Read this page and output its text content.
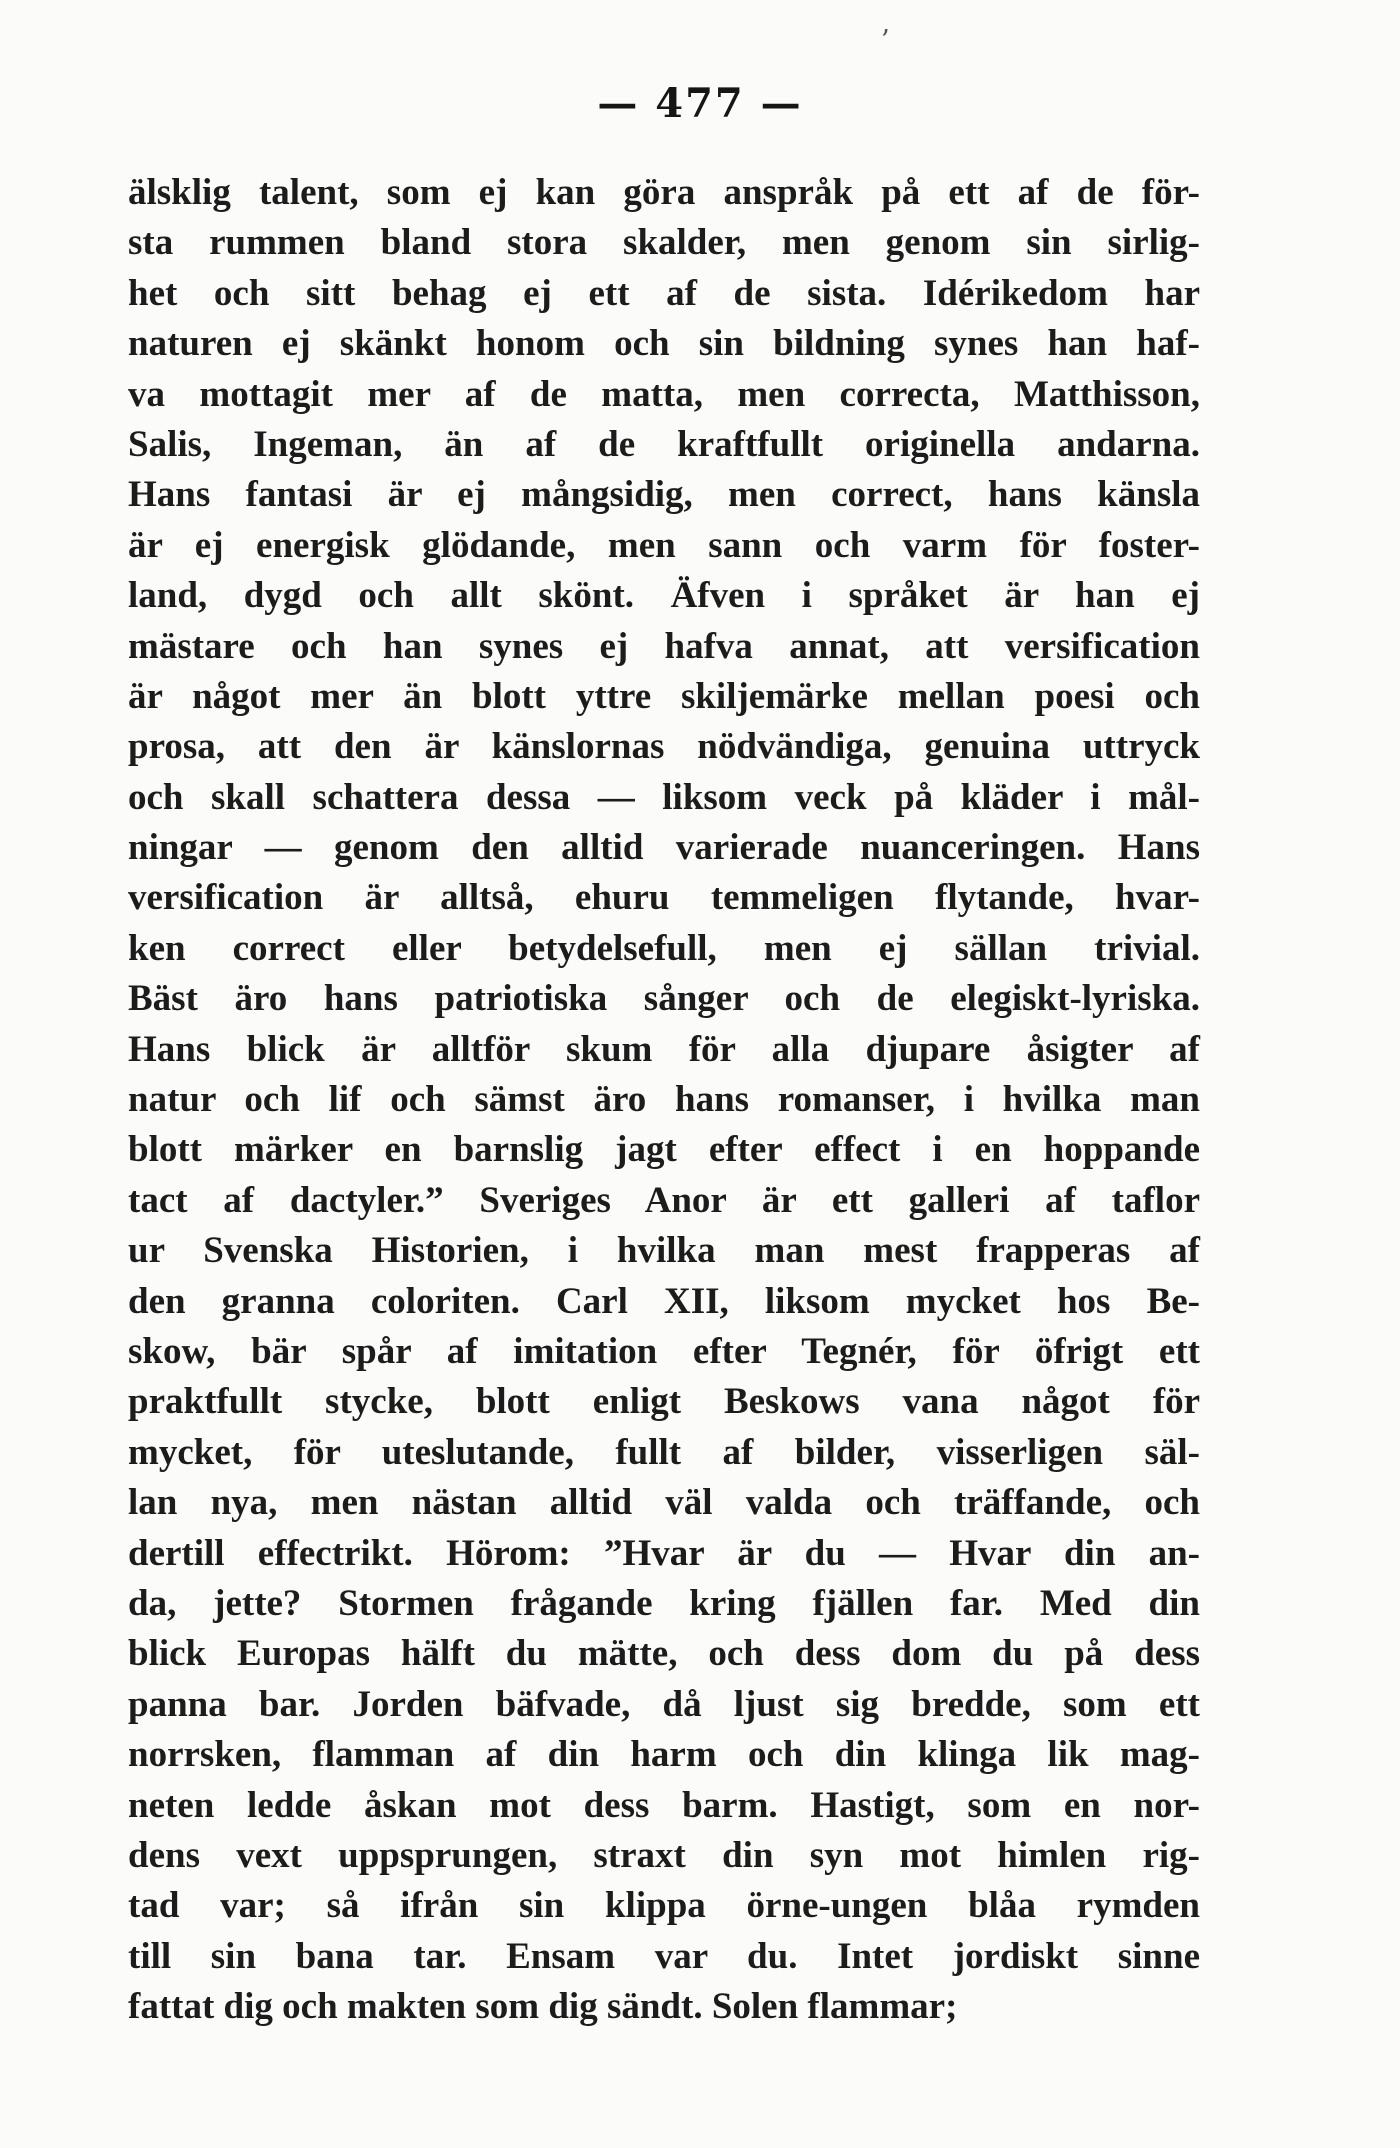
ʼ
— 477 —
älsklig talent, som ej kan göra anspråk på ett af de för-
sta rummen bland stora skalder, men genom sin sirlig-
het och sitt behag ej ett af de sista. Idérikedom har
naturen ej skänkt honom och sin bildning synes han haf-
va mottagit mer af de matta, men correcta, Matthisson,
Salis, Ingeman, än af de kraftfullt originella andarna.
Hans fantasi är ej mångsidig, men correct, hans känsla
är ej energisk glödande, men sann och varm för foster-
land, dygd och allt skönt. Äfven i språket är han ej
mästare och han synes ej hafva annat, att versification
är något mer än blott yttre skiljemärke mellan poesi och
prosa, att den är känslornas nödvändiga, genuina uttryck
och skall schattera dessa — liksom veck på kläder i mål-
ningar — genom den alltid varierade nuanceringen. Hans
versification är alltså, ehuru temmeligen flytande, hvar-
ken correct eller betydelsefull, men ej sällan trivial.
Bäst äro hans patriotiska sånger och de elegiskt-lyriska.
Hans blick är alltför skum för alla djupare åsigter af
natur och lif och sämst äro hans romanser, i hvilka man
blott märker en barnslig jagt efter effect i en hoppande
tact af dactyler.” Sveriges Anor är ett galleri af taflor
ur Svenska Historien, i hvilka man mest frapperas af
den granna coloriten. Carl XII, liksom mycket hos Be-
skow, bär spår af imitation efter Tegnér, för öfrigt ett
praktfullt stycke, blott enligt Beskows vana något för
mycket, för uteslutande, fullt af bilder, visserligen säl-
lan nya, men nästan alltid väl valda och träffande, och
dertill effectrikt. Hörom: ”Hvar är du — Hvar din an-
da, jette? Stormen frågande kring fjällen far. Med din
blick Europas hälft du mätte, och dess dom du på dess
panna bar. Jorden bäfvade, då ljust sig bredde, som ett
norrsken, flamman af din harm och din klinga lik mag-
neten ledde åskan mot dess barm. Hastigt, som en nor-
dens vext uppsprungen, straxt din syn mot himlen rig-
tad var; så ifrån sin klippa örne-ungen blåa rymden
till sin bana tar. Ensam var du. Intet jordiskt sinne
fattat dig och makten som dig sändt. Solen flammar;
